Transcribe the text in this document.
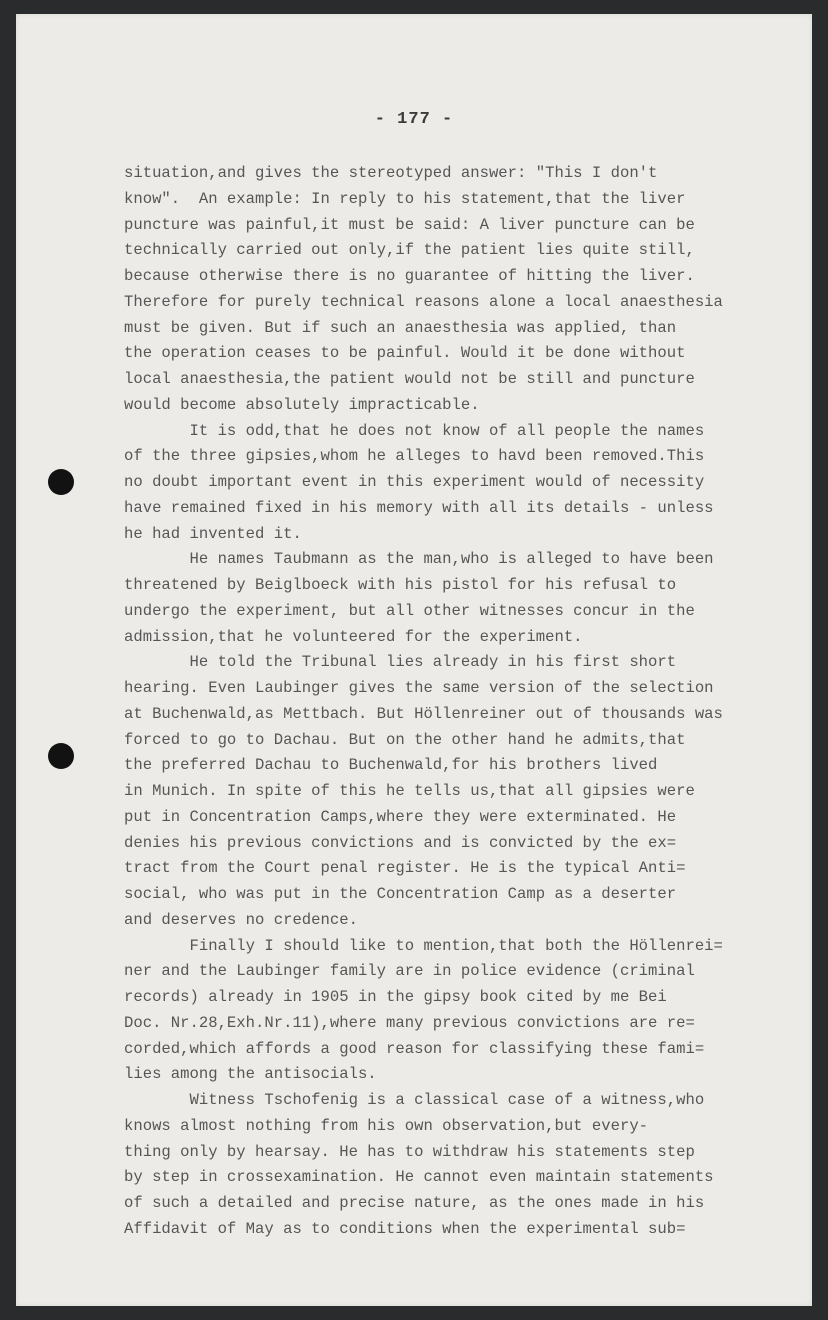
- 177 -
situation,and gives the stereotyped answer: "This I don't
know".  An example: In reply to his statement,that the liver
puncture was painful,it must be said: A liver puncture can be
technically carried out only,if the patient lies quite still,
because otherwise there is no guarantee of hitting the liver.
Therefore for purely technical reasons alone a local anaesthesia
must be given. But if such an anaesthesia was applied, than
the operation ceases to be painful. Would it be done without
local anaesthesia,the patient would not be still and puncture
would become absolutely impracticable.
It is odd,that he does not know of all people the names
of the three gipsies,whom he alleges to havd been removed.This
no doubt important event in this experiment would of necessity
have remained fixed in his memory with all its details - unless
he had invented it.
He names Taubmann as the man,who is alleged to have been
threatened by Beiglboeck with his pistol for his refusal to
undergo the experiment, but all other witnesses concur in the
admission,that he volunteered for the experiment.
He told the Tribunal lies already in his first short
hearing. Even Laubinger gives the same version of the selection
at Buchenwald,as Mettbach. But Höllenreiner out of thousands was
forced to go to Dachau. But on the other hand he admits,that
the preferred Dachau to Buchenwald,for his brothers lived
in Munich. In spite of this he tells us,that all gipsies were
put in Concentration Camps,where they were exterminated. He
denies his previous convictions and is convicted by the ex=
tract from the Court penal register. He is the typical Anti=
social, who was put in the Concentration Camp as a deserter
and deserves no credence.
Finally I should like to mention,that both the Höllenrei=
ner and the Laubinger family are in police evidence (criminal
records) already in 1905 in the gipsy book cited by me Bei
Doc. Nr.28,Exh.Nr.11),where many previous convictions are re=
corded,which affords a good reason for classifying these fami=
lies among the antisocials.
Witness Tschofenig is a classical case of a witness,who
knows almost nothing from his own observation,but every-
thing only by hearsay. He has to withdraw his statements step
by step in crossexamination. He cannot even maintain statements
of such a detailed and precise nature, as the ones made in his
Affidavit of May as to conditions when the experimental sub=
